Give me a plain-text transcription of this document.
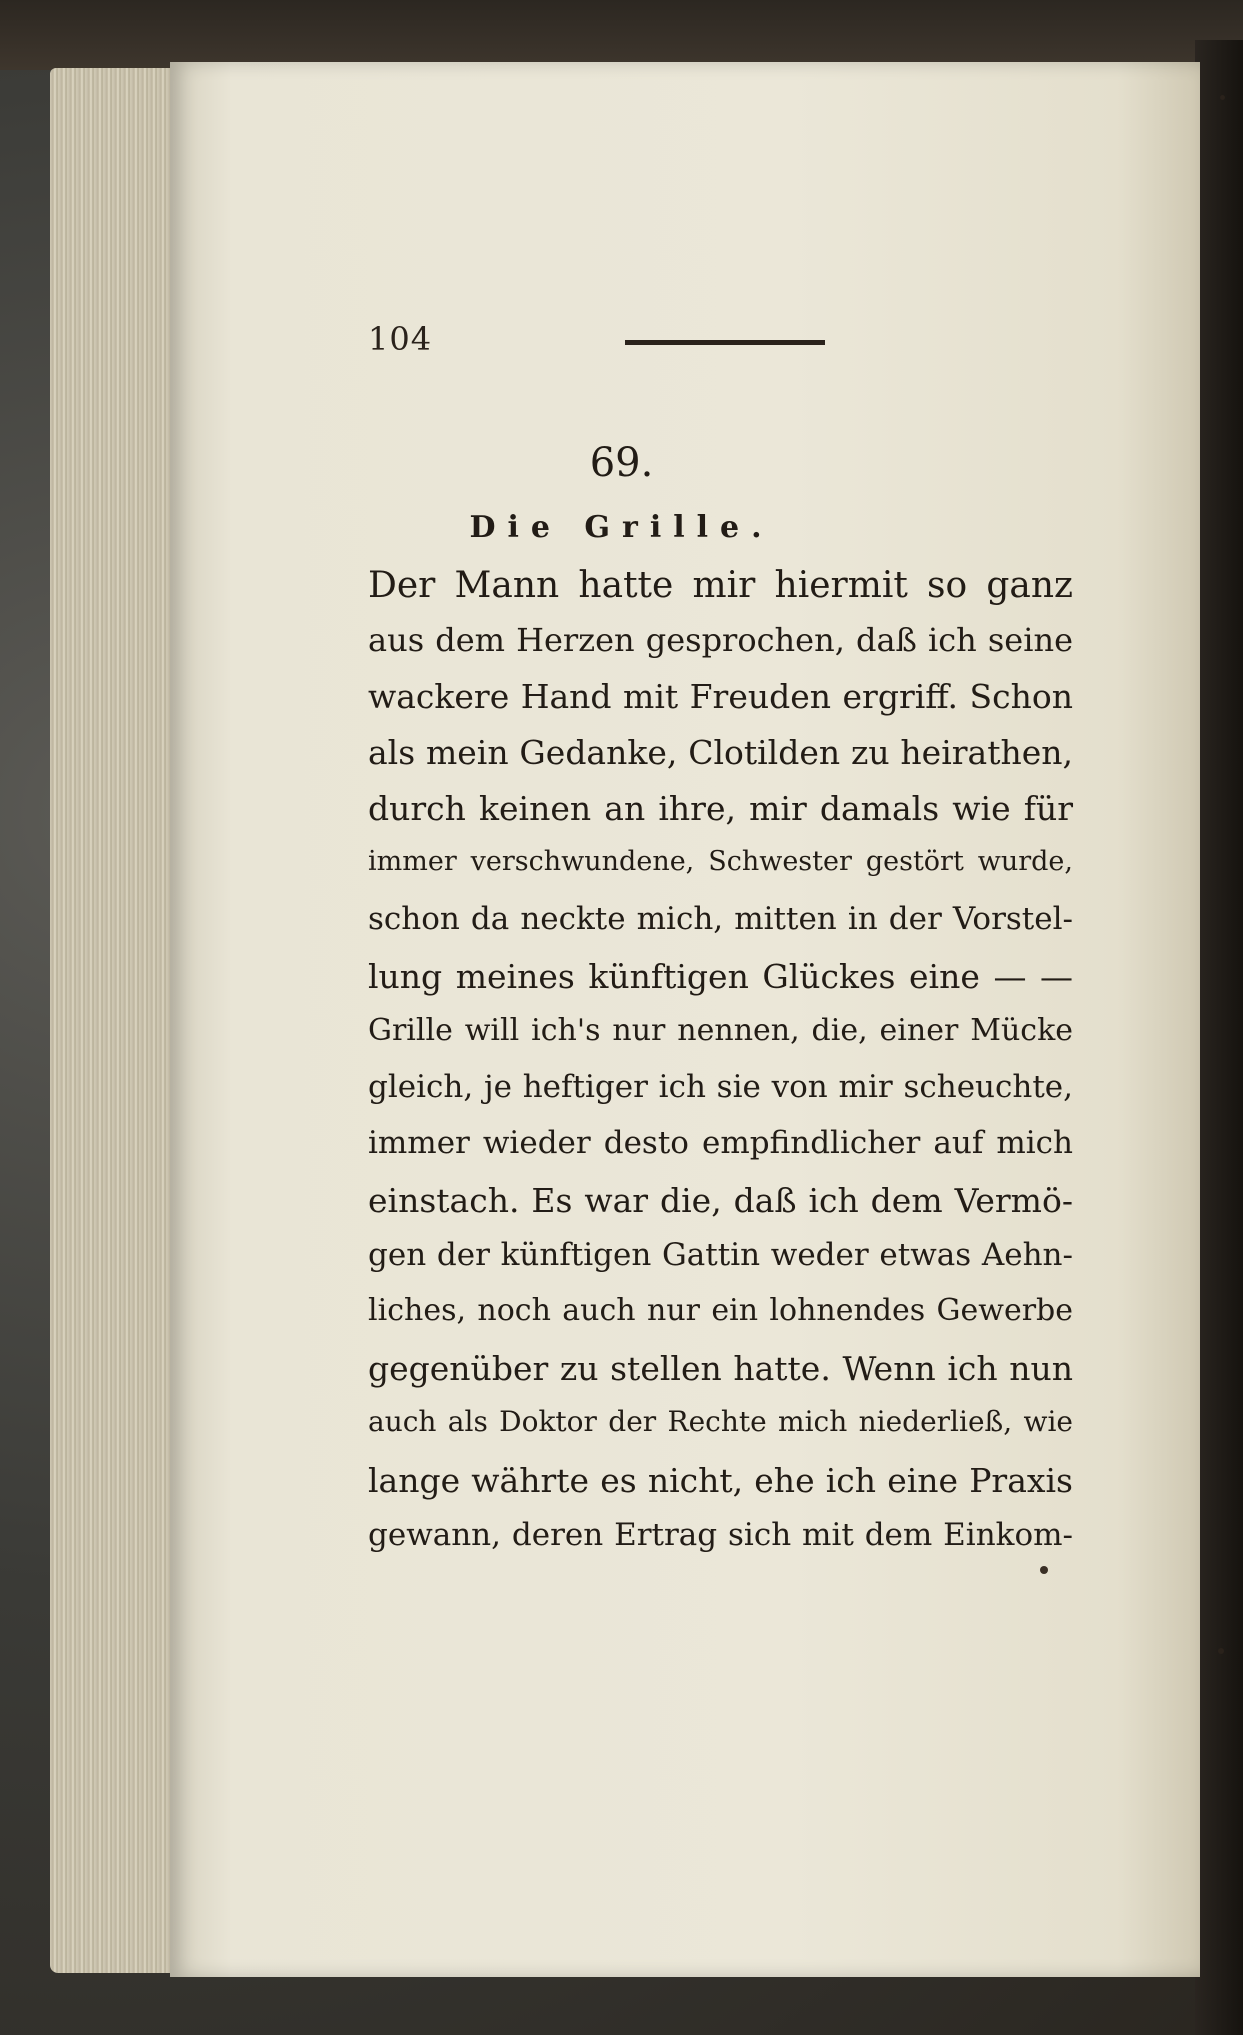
104
69.
Die Grille.
Der Mann hatte mir hiermit so ganz
aus dem Herzen gesprochen, daß ich seine
wackere Hand mit Freuden ergriff. Schon
als mein Gedanke, Clotilden zu heirathen,
durch keinen an ihre, mir damals wie für
immer verschwundene, Schwester gestört wurde,
schon da neckte mich, mitten in der Vorstel-
lung meines künftigen Glückes eine — —
Grille will ich's nur nennen, die, einer Mücke
gleich, je heftiger ich sie von mir scheuchte,
immer wieder desto empfindlicher auf mich
einstach. Es war die, daß ich dem Vermö-
gen der künftigen Gattin weder etwas Aehn-
liches, noch auch nur ein lohnendes Gewerbe
gegenüber zu stellen hatte. Wenn ich nun
auch als Doktor der Rechte mich niederließ, wie
lange währte es nicht, ehe ich eine Praxis
gewann, deren Ertrag sich mit dem Einkom-
